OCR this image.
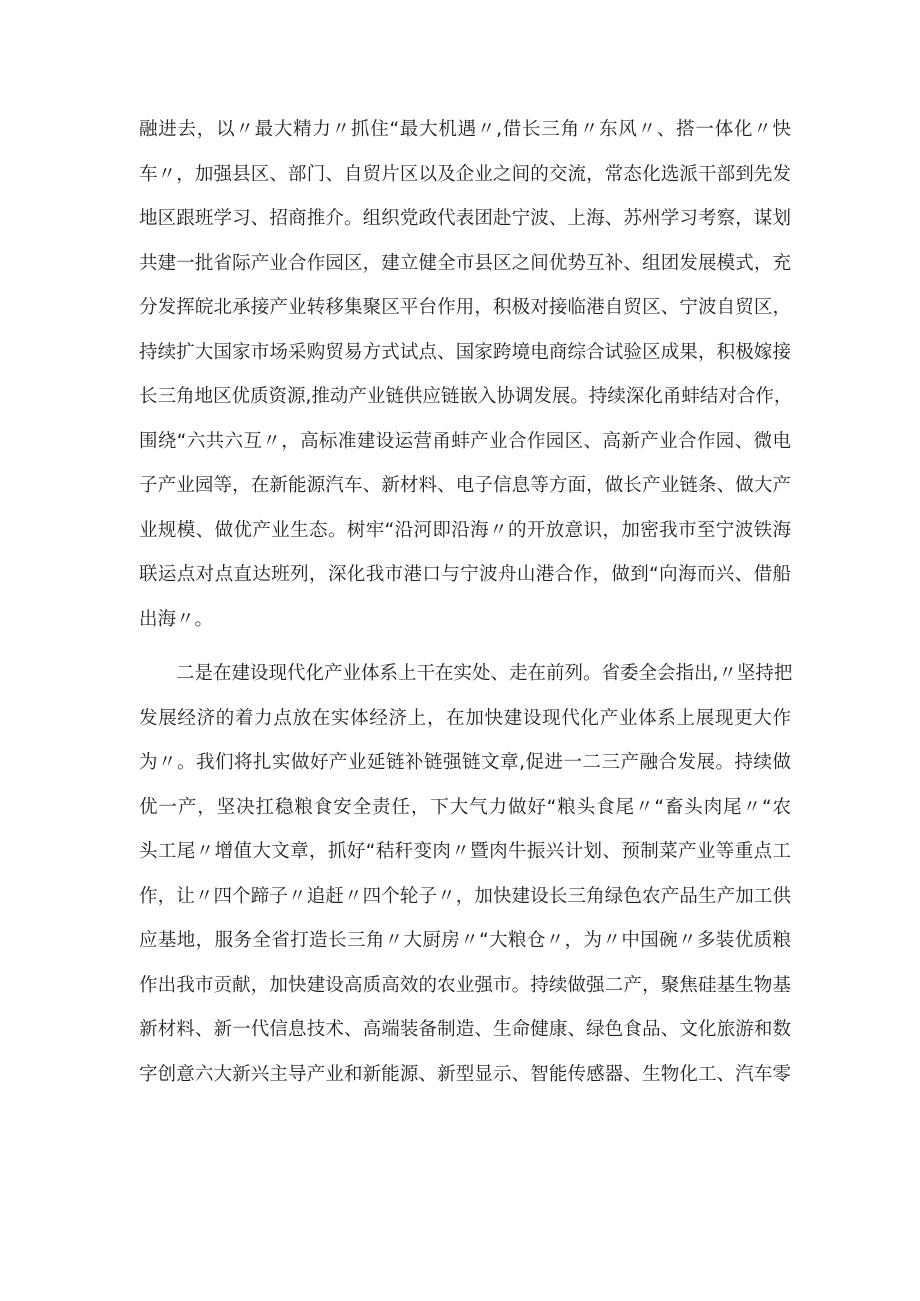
融进去，以〃最大精力〃抓住“最大机遇〃,借长三角〃东风〃、搭一体化〃快
车〃，加强县区、部门、自贸片区以及企业之间的交流，常态化选派干部到先发
地区跟班学习、招商推介。组织党政代表团赴宁波、上海、苏州学习考察，谋划
共建一批省际产业合作园区，建立健全市县区之间优势互补、组团发展模式，充
分发挥皖北承接产业转移集聚区平台作用，积极对接临港自贸区、宁波自贸区，
持续扩大国家市场采购贸易方式试点、国家跨境电商综合试验区成果，积极嫁接
长三角地区优质资源,推动产业链供应链嵌入协调发展。持续深化甬蚌结对合作，
围绕“六共六互〃，高标准建设运营甬蚌产业合作园区、高新产业合作园、微电
子产业园等，在新能源汽车、新材料、电子信息等方面，做长产业链条、做大产
业规模、做优产业生态。树牢“沿河即沿海〃的开放意识，加密我市至宁波铁海
联运点对点直达班列，深化我市港口与宁波舟山港合作，做到“向海而兴、借船
出海〃。
二是在建设现代化产业体系上干在实处、走在前列。省委全会指出,〃坚持把
发展经济的着力点放在实体经济上，在加快建设现代化产业体系上展现更大作
为〃。我们将扎实做好产业延链补链强链文章,促进一二三产融合发展。持续做
优一产，坚决扛稳粮食安全责任，下大气力做好“粮头食尾〃“畜头肉尾〃“农
头工尾〃增值大文章，抓好“秸秆变肉〃暨肉牛振兴计划、预制菜产业等重点工
作，让〃四个蹄子〃追赶〃四个轮子〃，加快建设长三角绿色农产品生产加工供
应基地，服务全省打造长三角〃大厨房〃“大粮仓〃，为〃中国碗〃多装优质粮
作出我市贡献，加快建设高质高效的农业强市。持续做强二产，聚焦硅基生物基
新材料、新一代信息技术、高端装备制造、生命健康、绿色食品、文化旅游和数
字创意六大新兴主导产业和新能源、新型显示、智能传感器、生物化工、汽车零
